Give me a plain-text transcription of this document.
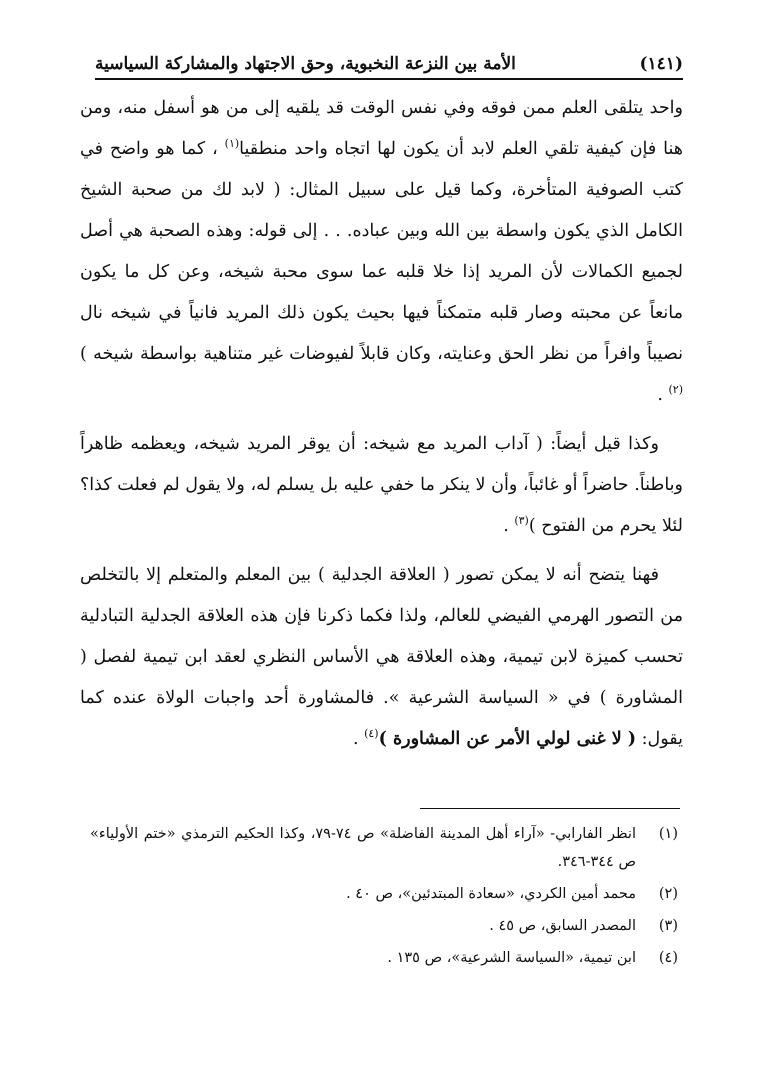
الأمة بين النزعة النخبوية، وحق الاجتهاد والمشاركة السياسية	(١٤١)

واحد يتلقى العلم ممن فوقه وفي نفس الوقت قد يلقيه إلى من هو أسفل منه، ومن هنا فإن كيفية تلقي العلم لابد أن يكون لها اتجاه واحد منطقيا$^{(١)}$ ، كما هو واضح في كتب الصوفية المتأخرة، وكما قيل على سبيل المثال: ( لابد لك من صحبة الشيخ الكامل الذي يكون واسطة بين الله وبين عباده. . . إلى قوله: وهذه الصحبة هي أصل لجميع الكمالات لأن المريد إذا خلا قلبه عما سوى محبة شيخه، وعن كل ما يكون مانعاً عن محبته وصار قلبه متمكناً فيها بحيث يكون ذلك المريد فانياً في شيخه نال نصيباً وافراً من نظر الحق وعنايته، وكان قابلاً لفيوضات غير متناهية بواسطة شيخه )$^{(٢)}$ .

وكذا قيل أيضاً: ( آداب المريد مع شيخه: أن يوقر المريد شيخه، ويعظمه ظاهراً وباطناً. حاضراً أو غائباً، وأن لا ينكر ما خفي عليه بل يسلم له، ولا يقول لم فعلت كذا؟ لئلا يحرم من الفتوح )$^{(٣)}$ .

فهنا يتضح أنه لا يمكن تصور ( العلاقة الجدلية ) بين المعلم والمتعلم إلا بالتخلص من التصور الهرمي الفيضي للعالم، ولذا فكما ذكرنا فإن هذه العلاقة الجدلية التبادلية تحسب كميزة لابن تيمية، وهذه العلاقة هي الأساس النظري لعقد ابن تيمية لفصل ( المشاورة ) في « السياسة الشرعية ». فالمشاورة أحد واجبات الولاة عنده كما يقول: ( لا غنى لولي الأمر عن المشاورة )$^{(٤)}$ .

(١)
انظر الفارابي- «آراء أهل المدينة الفاضلة» ص ٧٤-٧٩، وكذا الحكيم الترمذي «ختم الأولياء» ص ٣٤٤-٣٤٦.
(٢)
محمد أمين الكردي، «سعادة المبتدئين»، ص ٤٠ .
(٣)
المصدر السابق، ص ٤٥ .
(٤)
ابن تيمية، «السياسة الشرعية»، ص ١٣٥ .
